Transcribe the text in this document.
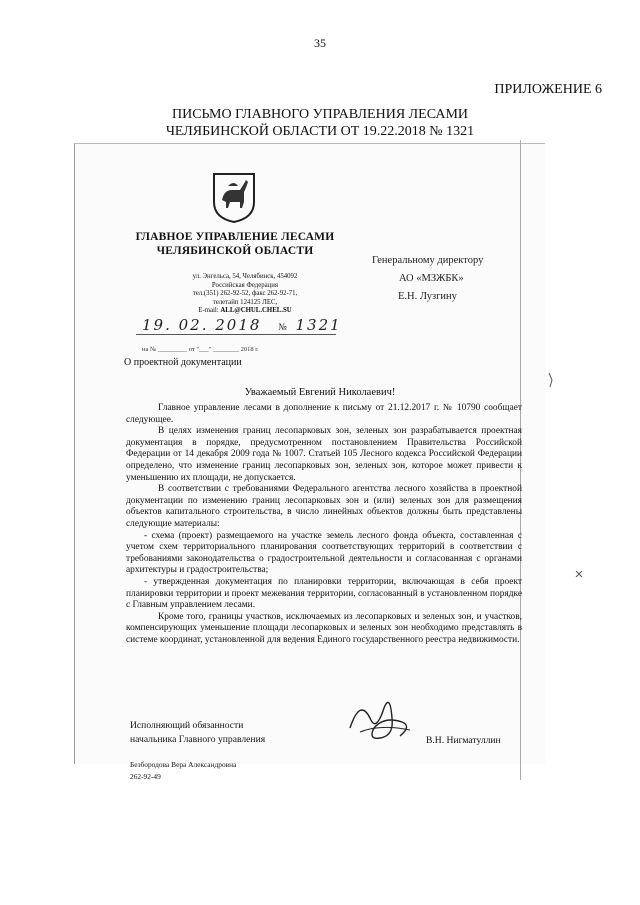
35
ПРИЛОЖЕНИЕ 6
ПИСЬМО ГЛАВНОГО УПРАВЛЕНИЯ ЛЕСАМИ
ЧЕЛЯБИНСКОЙ ОБЛАСТИ ОТ 19.22.2018 № 1321
ГЛАВНОЕ УПРАВЛЕНИЕ ЛЕСАМИ
ЧЕЛЯБИНСКОЙ ОБЛАСТИ
ул. Энгельса, 54, Челябинск, 454092
Российская Федерация
тел.(351) 262-92-52, факс 262-92-71,
телетайп 124125 ЛЕС,
E-mail: ALL@CHUL.CHEL.SU
Генеральному директору
АО «МЗЖБК»
Е.Н. Лузгину
19. 02. 2018 № 1321
на № _________ от "___" ________ 2018 г.
О проектной документации
Уважаемый Евгений Николаевич!

Главное управление лесами в дополнение к письму от 21.12.2017 г. № 10790 сообщает следующее.

В целях изменения границ лесопарковых зон, зеленых зон разрабатывается проектная документация в порядке, предусмотренном постановлением Правительства Российской Федерации от 14 декабря 2009 года № 1007. Статьей 105 Лесного кодекса Российской Федерации определено, что изменение границ лесопарковых зон, зеленых зон, которое может привести к уменьшению их площади, не допускается.

В соответствии с требованиями Федерального агентства лесного хозяйства в проектной документации по изменению границ лесопарковых зон и (или) зеленых зон для размещения объектов капитального строительства, в число линейных объектов должны быть представлены следующие материалы:

- схема (проект) размещаемого на участке земель лесного фонда объекта, составленная с учетом схем территориального планирования соответствующих территорий в соответствии с требованиями законодательства о градостроительной деятельности и согласованная с органами архитектуры и градостроительства;

- утвержденная документация по планировки территории, включающая в себя проект планировки территории и проект межевания территории, согласованный в установленном порядке с Главным управлением лесами.

Кроме того, границы участков, исключаемых из лесопарковых и зеленых зон, и участков, компенсирующих уменьшение площади лесопарковых и зеленых зон необходимо представлять в системе координат, установленной для ведения Единого государственного реестра недвижимости.

Исполняющий обязанности
начальника Главного управления	В.Н. Нигматуллин
Безбородова Вера Александровна
262-92-49
